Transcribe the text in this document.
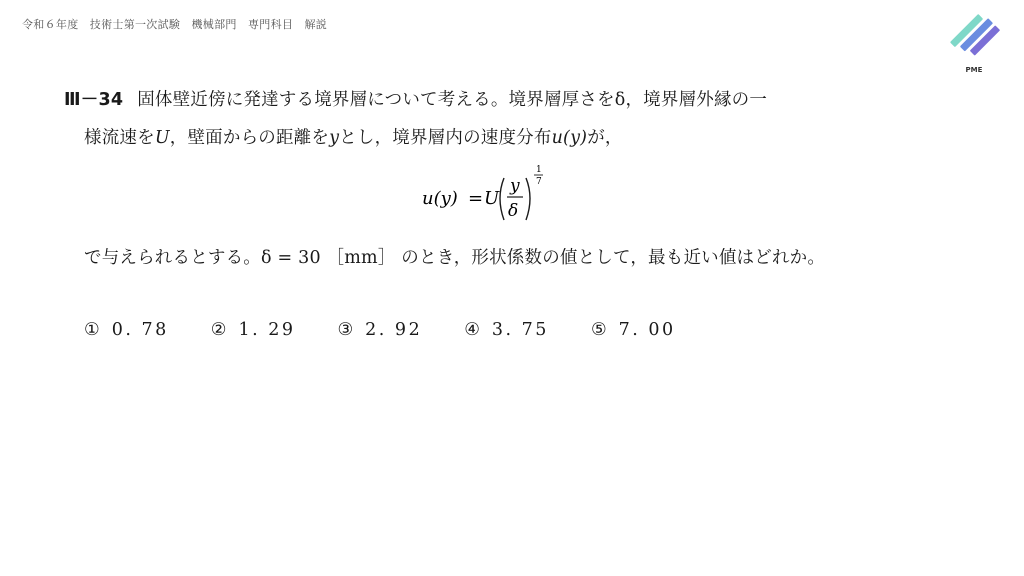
令和６年度　技術士第一次試験　機械部門　専門科目　解説
PME
Ⅲ－34 固体壁近傍に発達する境界層について考える。境界層厚さをδ，境界層外縁の一
様流速をU，壁面からの距離をyとし，境界層内の速度分布u(y)が，
u(y) = U
y
δ
1
7
で与えられるとする。δ = 30 ［mm］ のとき，形状係数の値として，最も近い値はどれか。
① 0. 78 ② 1. 29 ③ 2. 92 ④ 3. 75 ⑤ 7. 00
